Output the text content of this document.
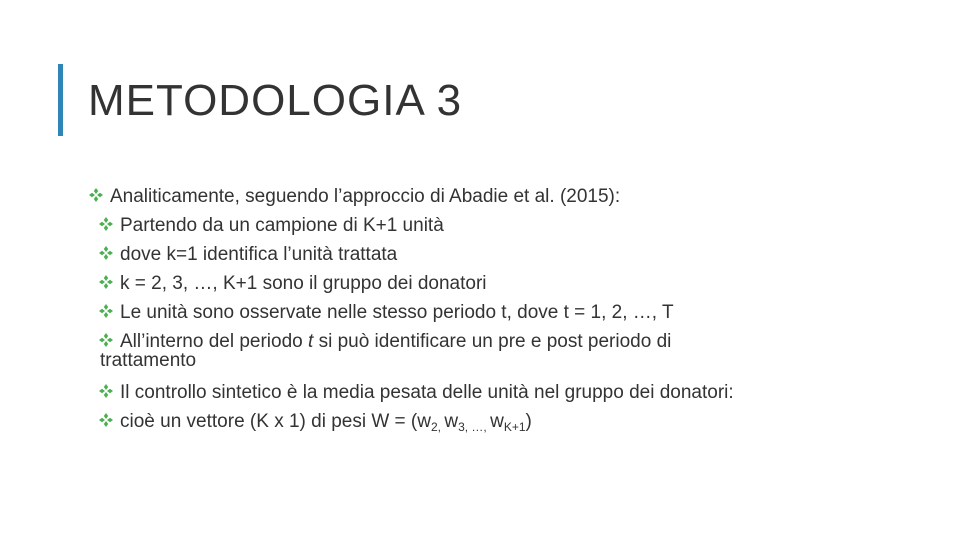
METODOLOGIA 3
Analiticamente, seguendo l’approccio di Abadie et al. (2015):
Partendo da un campione di K+1 unità
dove k=1 identifica l’unità trattata
k = 2, 3, …, K+1 sono il gruppo dei donatori
Le unità sono osservate nelle stesso periodo t, dove t = 1, 2, …, T
All’interno del periodo t si può identificare un pre e post periodo di
trattamento
Il controllo sintetico è la media pesata delle unità nel gruppo dei donatori:
cioè un vettore (K x 1) di pesi $W = (w_{2,}$ $w_{3, \dots,}$ $w_{K+1}$)
